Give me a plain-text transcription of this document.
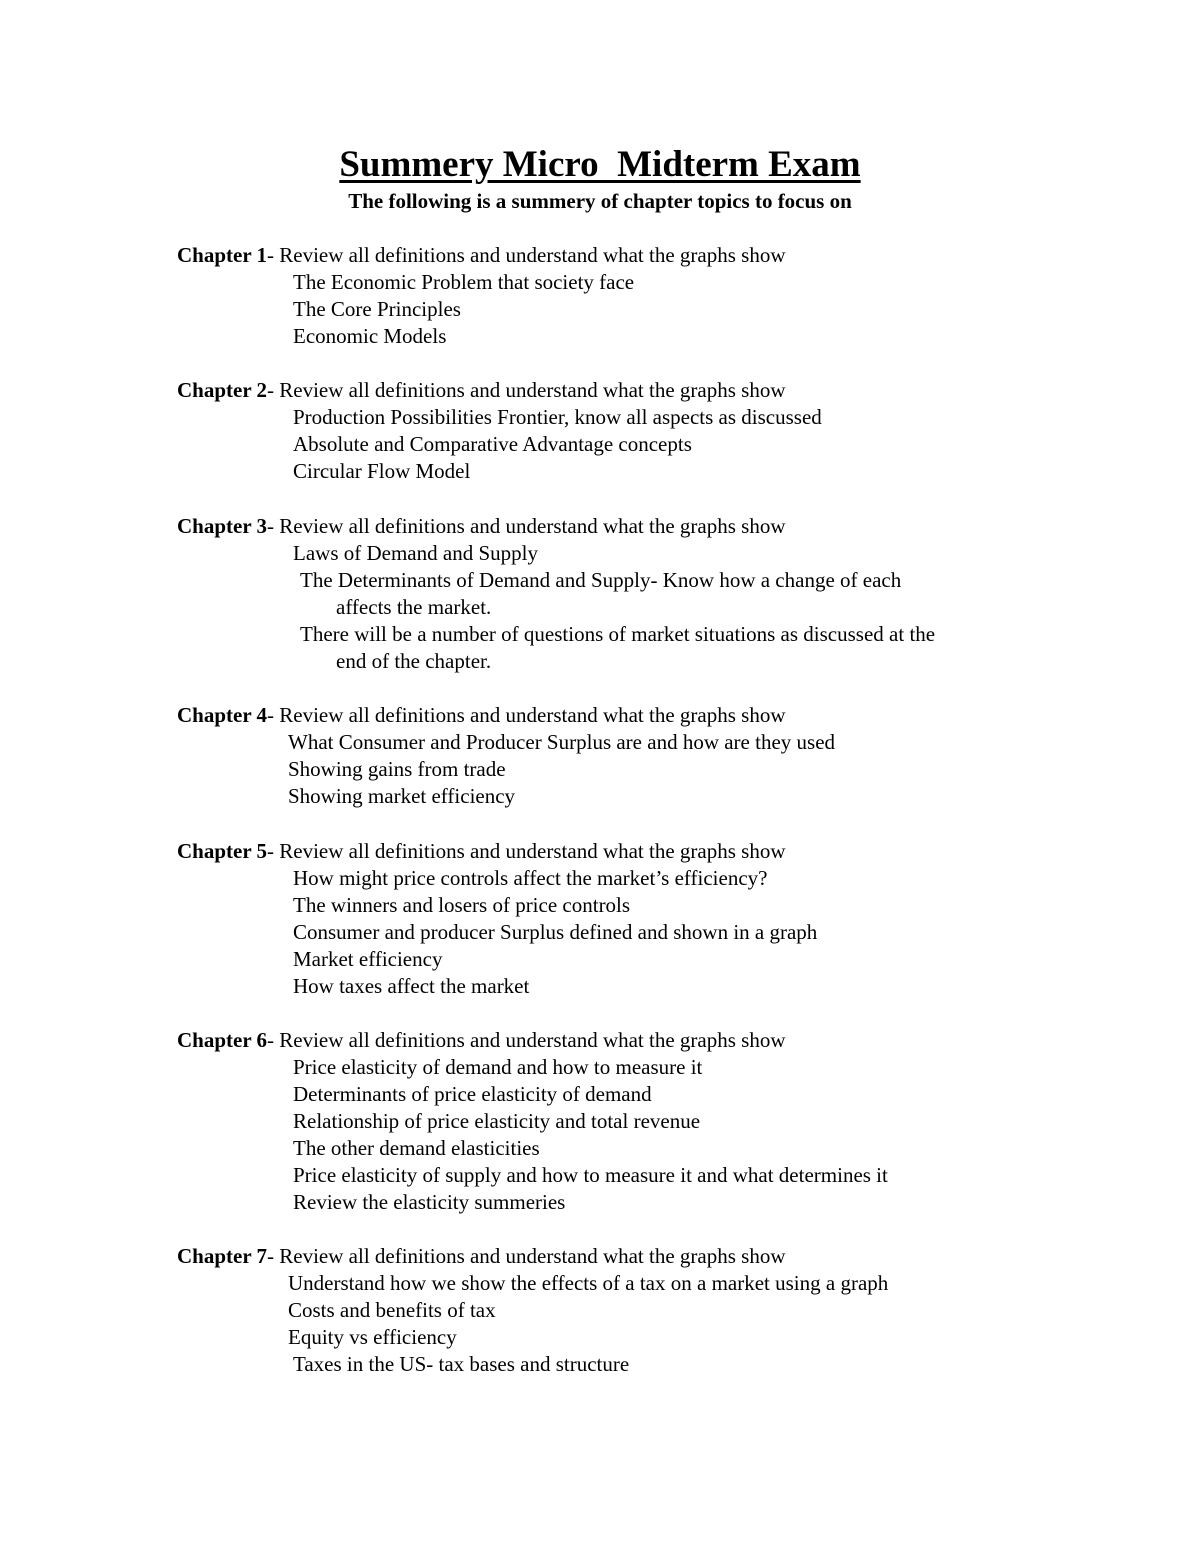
Summery Micro  Midterm Exam

The following is a summery of chapter topics to focus on

Chapter 1- Review all definitions and understand what the graphs show

The Economic Problem that society face

The Core Principles

Economic Models

Chapter 2- Review all definitions and understand what the graphs show

Production Possibilities Frontier, know all aspects as discussed

Absolute and Comparative Advantage concepts

Circular Flow Model

Chapter 3- Review all definitions and understand what the graphs show

Laws of Demand and Supply

The Determinants of Demand and Supply- Know how a change of each

affects the market.

There will be a number of questions of market situations as discussed at the

end of the chapter.

Chapter 4- Review all definitions and understand what the graphs show

What Consumer and Producer Surplus are and how are they used

Showing gains from trade

Showing market efficiency

Chapter 5- Review all definitions and understand what the graphs show

How might price controls affect the market’s efficiency?

The winners and losers of price controls

Consumer and producer Surplus defined and shown in a graph

Market efficiency

How taxes affect the market

Chapter 6- Review all definitions and understand what the graphs show

Price elasticity of demand and how to measure it

Determinants of price elasticity of demand

Relationship of price elasticity and total revenue

The other demand elasticities

Price elasticity of supply and how to measure it and what determines it

Review the elasticity summeries

Chapter 7- Review all definitions and understand what the graphs show

Understand how we show the effects of a tax on a market using a graph

Costs and benefits of tax

Equity vs efficiency

Taxes in the US- tax bases and structure
